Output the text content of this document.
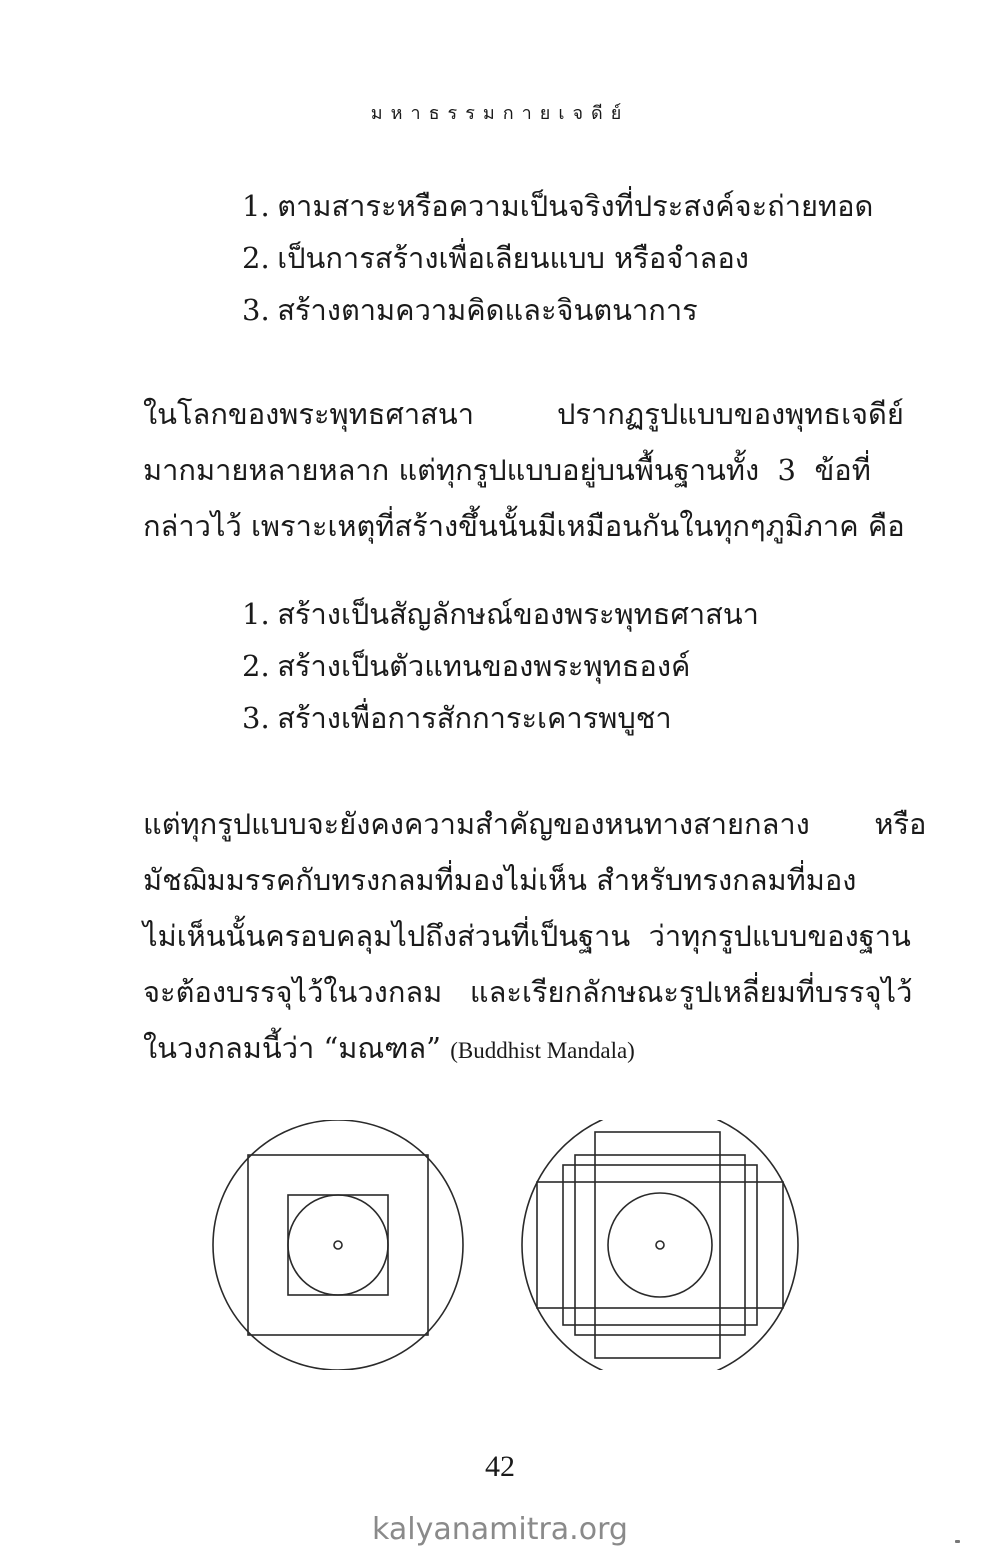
มหาธรรมกายเจดีย์
1. ตามสาระหรือความเป็นจริงที่ประสงค์จะถ่ายทอด
2. เป็นการสร้างเพื่อเลียนแบบ หรือจำลอง
3. สร้างตามความคิดและจินตนาการ

ในโลกของพระพุทธศาสนา         ปรากฏรูปแบบของพุทธเจดีย์
มากมายหลายหลาก แต่ทุกรูปแบบอยู่บนพื้นฐานทั้ง  3  ข้อที่
กล่าวไว้ เพราะเหตุที่สร้างขึ้นนั้นมีเหมือนกันในทุกๆภูมิภาค คือ

1. สร้างเป็นสัญลักษณ์ของพระพุทธศาสนา
2. สร้างเป็นตัวแทนของพระพุทธองค์
3. สร้างเพื่อการสักการะเคารพบูชา

แต่ทุกรูปแบบจะยังคงความสำคัญของหนทางสายกลาง       หรือ
มัชฌิมมรรคกับทรงกลมที่มองไม่เห็น สำหรับทรงกลมที่มอง
ไม่เห็นนั้นครอบคลุมไปถึงส่วนที่เป็นฐาน  ว่าทุกรูปแบบของฐาน
จะต้องบรรจุไว้ในวงกลม   และเรียกลักษณะรูปเหลี่ยมที่บรรจุไว้
ในวงกลมนี้ว่า “มณฑล” (Buddhist Mandala)

42
kalyanamitra.org
